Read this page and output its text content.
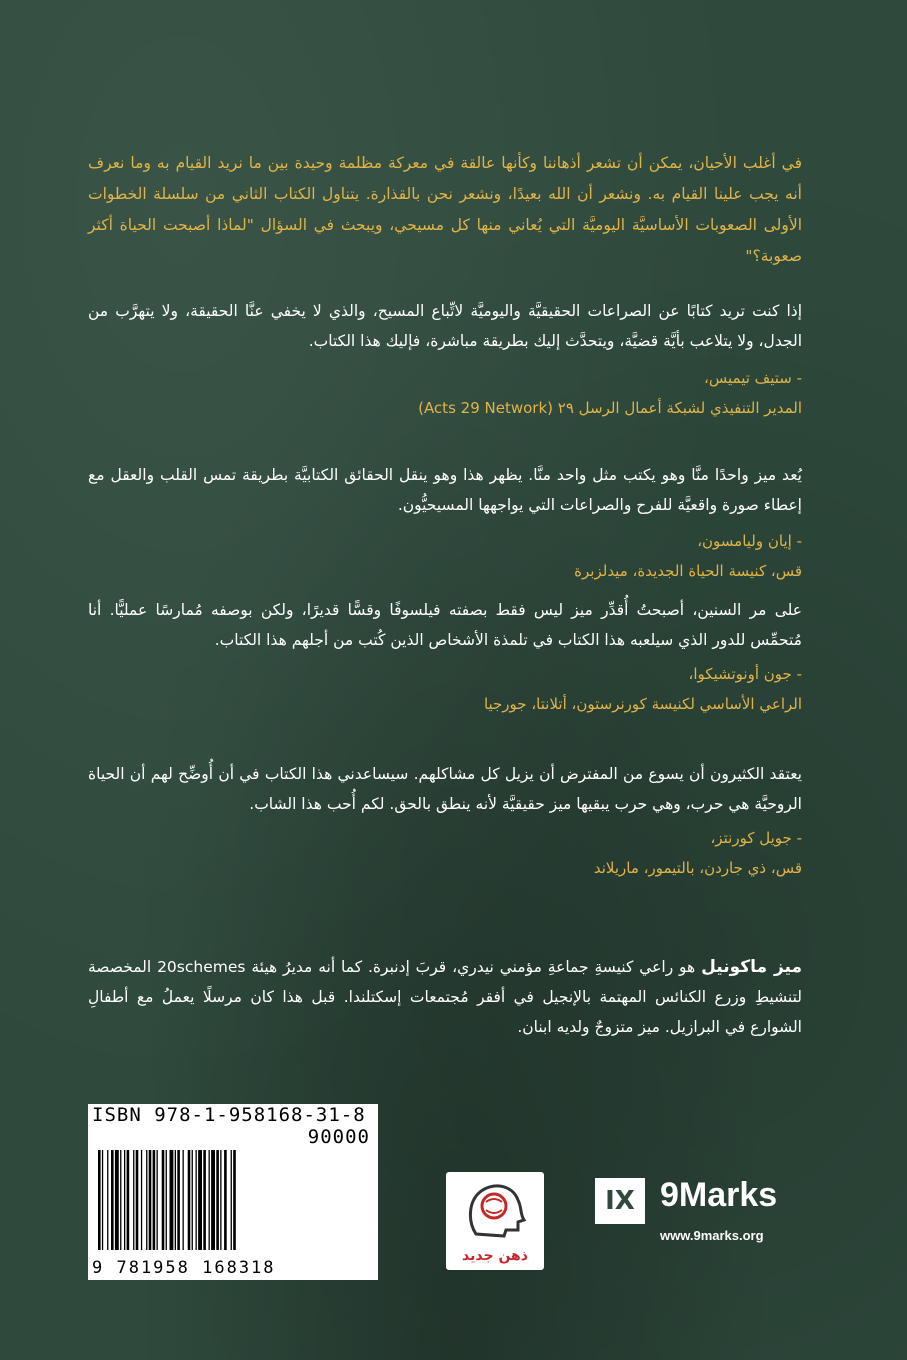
في أغلب الأحيان، يمكن أن تشعر أذهاننا وكأنها عالقة في معركة مظلمة وحيدة بين ما نريد القيام به وما نعرف أنه يجب علينا القيام به. ونشعر أن الله بعيدًا، ونشعر نحن بالقذارة. يتناول الكتاب الثاني من سلسلة الخطوات الأولى الصعوبات الأساسيَّة اليوميَّة التي يُعاني منها كل مسيحي، ويبحث في السؤال "لماذا أصبحت الحياة أكثر صعوبة؟"
إذا كنت تريد كتابًا عن الصراعات الحقيقيَّة واليوميَّة لاتِّباع المسيح، والذي لا يخفي عنَّا الحقيقة، ولا يتهرَّب من الجدل، ولا يتلاعب بأيَّة قضيَّة، ويتحدَّث إليك بطريقة مباشرة، فإليك هذا الكتاب.
- ستيف تيميس،
المدير التنفيذي لشبكة أعمال الرسل ٢٩ (Acts 29 Network)
يُعد ميز واحدًا منَّا وهو يكتب مثل واحد منَّا. يظهر هذا وهو ينقل الحقائق الكتابيَّة بطريقة تمس القلب والعقل مع إعطاء صورة واقعيَّة للفرح والصراعات التي يواجهها المسيحيُّون.
- إيان وليامسون،
قس، كنيسة الحياة الجديدة، ميدلزبرة
على مر السنين، أصبحتُ أُقدِّر ميز ليس فقط بصفته فيلسوفًا وقسًّا قديرًا، ولكن بوصفه مُمارسًا عمليًّا. أنا مُتحمِّس للدور الذي سيلعبه هذا الكتاب في تلمذة الأشخاص الذين كُتب من أجلهم هذا الكتاب.
- جون أونوتشيكوا،
الراعي الأساسي لكنيسة كورنرستون، أتلانتا، جورجيا
يعتقد الكثيرون أن يسوع من المفترض أن يزيل كل مشاكلهم. سيساعدني هذا الكتاب في أن أُوضِّح لهم أن الحياة الروحيَّة هي حرب، وهي حرب يبقيها ميز حقيقيَّة لأنه ينطق بالحق. لكم أُحب هذا الشاب.
- جويل كورنتز،
قس، ذي جاردن، بالتيمور، ماريلاند
ميز ماكونيل هو راعي كنيسةِ جماعةِ مؤمني نيدري، قربَ إدنبرة. كما أنه مديرُ هيئة 20schemes المخصصة لتنشيطِ وزرع الكنائس المهتمة بالإنجيل في أفقر مُجتمعات إسكتلندا. قبل هذا كان مرسلًا يعملُ مع أطفالِ الشوارع في البرازيل. ميز متزوجٌ ولديه ابنان.
ISBN 978-1-958168-31-8
90000
9 781958 168318
ذهن جديد
IX 9Marks
www.9marks.org
